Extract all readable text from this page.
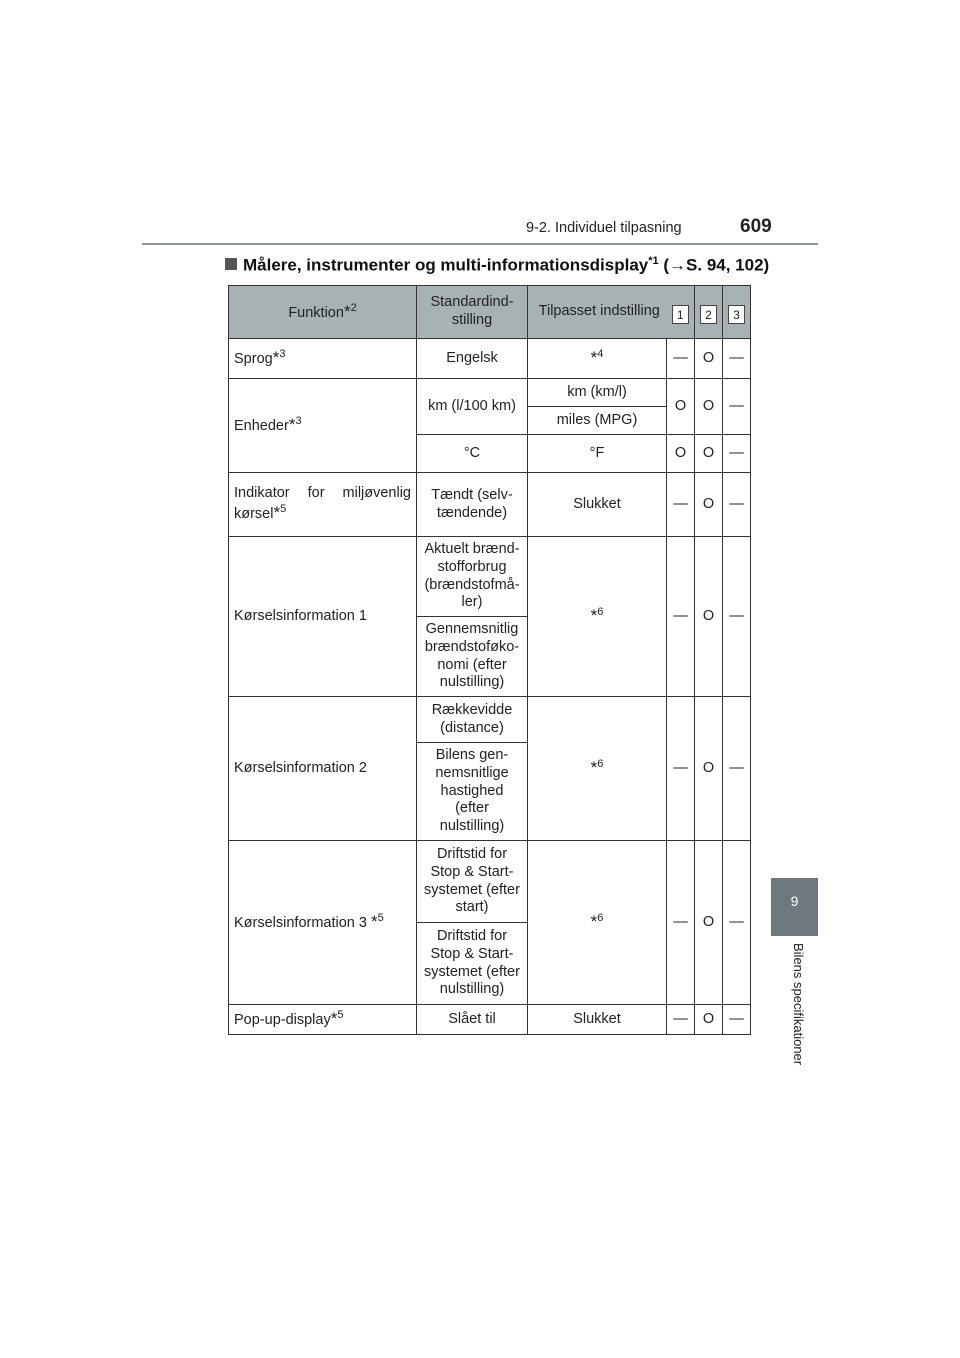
9-2. Individuel tilpasning	609
Målere, instrumenter og multi-informationsdisplay$^{*1}$ (→S. 94, 102)
Funktion*$^2$	Standardind-stilling	Tilpasset indstilling	1	2	3
Sprog*$^3$	Engelsk	*$^4$	—	O	—
Enheder*$^3$	km (l/100 km)	km (km/l)	O	O	—
		miles (MPG)			
	°C	°F	O	O	—

Indikator for miljøvenlig kørsel*$^5$	Tændt (selv-tændende)	Slukket	—	O	—
Kørselsinformation 1	Aktuelt brænd-stofforbrug (brændstofmå-ler)	*$^6$	—	O	—
	Gennemsnitlig brændstoføko-nomi (efter nulstilling)				
Kørselsinformation 2	Rækkevidde (distance)	*$^6$	—	O	—
	Bilens gen-nemsnitlige hastighed (efter nulstilling)				
Kørselsinformation 3 *$^5$	Driftstid for Stop & Start-systemet (efter start)	*$^6$	—	O	—
	Driftstid for Stop & Start-systemet (efter nulstilling)				
Pop-up-display*$^5$	Slået til	Slukket	—	O	—
9
Bilens specifikationer
